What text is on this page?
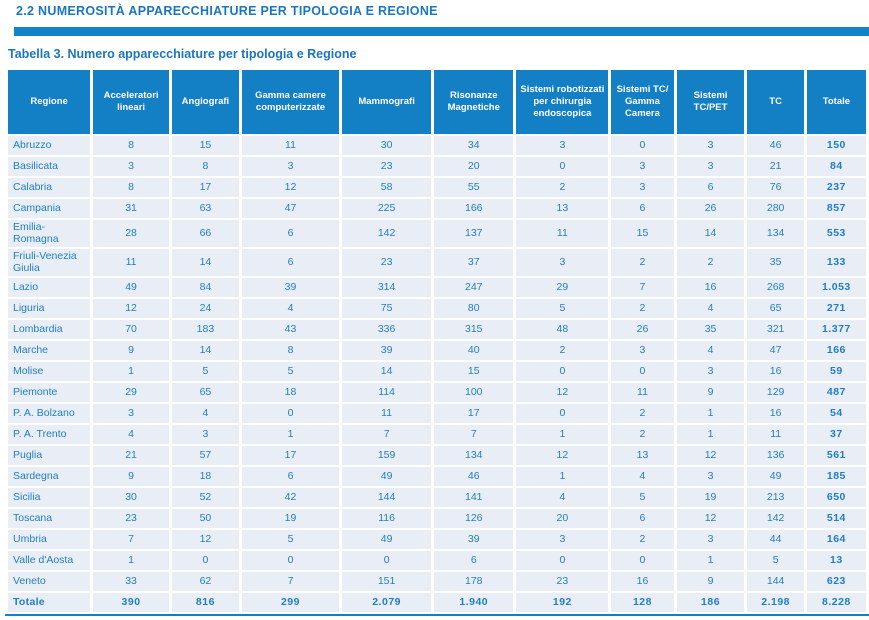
2.2 NUMEROSITÀ APPARECCHIATURE PER TIPOLOGIA E REGIONE
Tabella 3. Numero apparecchiature per tipologia e Regione
Regione	Acceleratori lineari	Angiografi	Gamma camere computerizzate	Mammografi	Risonanze Magnetiche	Sistemi robotizzati per chirurgia endoscopica	Sistemi TC/ Gamma Camera	Sistemi TC/PET	TC	Totale
Abruzzo	8	15	11	30	34	3	0	3	46	150
Basilicata	3	8	3	23	20	0	3	3	21	84
Calabria	8	17	12	58	55	2	3	6	76	237
Campania	31	63	47	225	166	13	6	26	280	857
Emilia-Romagna	28	66	6	142	137	11	15	14	134	553
Friuli-Venezia Giulia	11	14	6	23	37	3	2	2	35	133
Lazio	49	84	39	314	247	29	7	16	268	1.053
Liguria	12	24	4	75	80	5	2	4	65	271
Lombardia	70	183	43	336	315	48	26	35	321	1.377
Marche	9	14	8	39	40	2	3	4	47	166
Molise	1	5	5	14	15	0	0	3	16	59
Piemonte	29	65	18	114	100	12	11	9	129	487
P. A. Bolzano	3	4	0	11	17	0	2	1	16	54
P. A. Trento	4	3	1	7	7	1	2	1	11	37
Puglia	21	57	17	159	134	12	13	12	136	561
Sardegna	9	18	6	49	46	1	4	3	49	185
Sicilia	30	52	42	144	141	4	5	19	213	650
Toscana	23	50	19	116	126	20	6	12	142	514
Umbria	7	12	5	49	39	3	2	3	44	164
Valle d'Aosta	1	0	0	0	6	0	0	1	5	13
Veneto	33	62	7	151	178	23	16	9	144	623
Totale	390	816	299	2.079	1.940	192	128	186	2.198	8.228
